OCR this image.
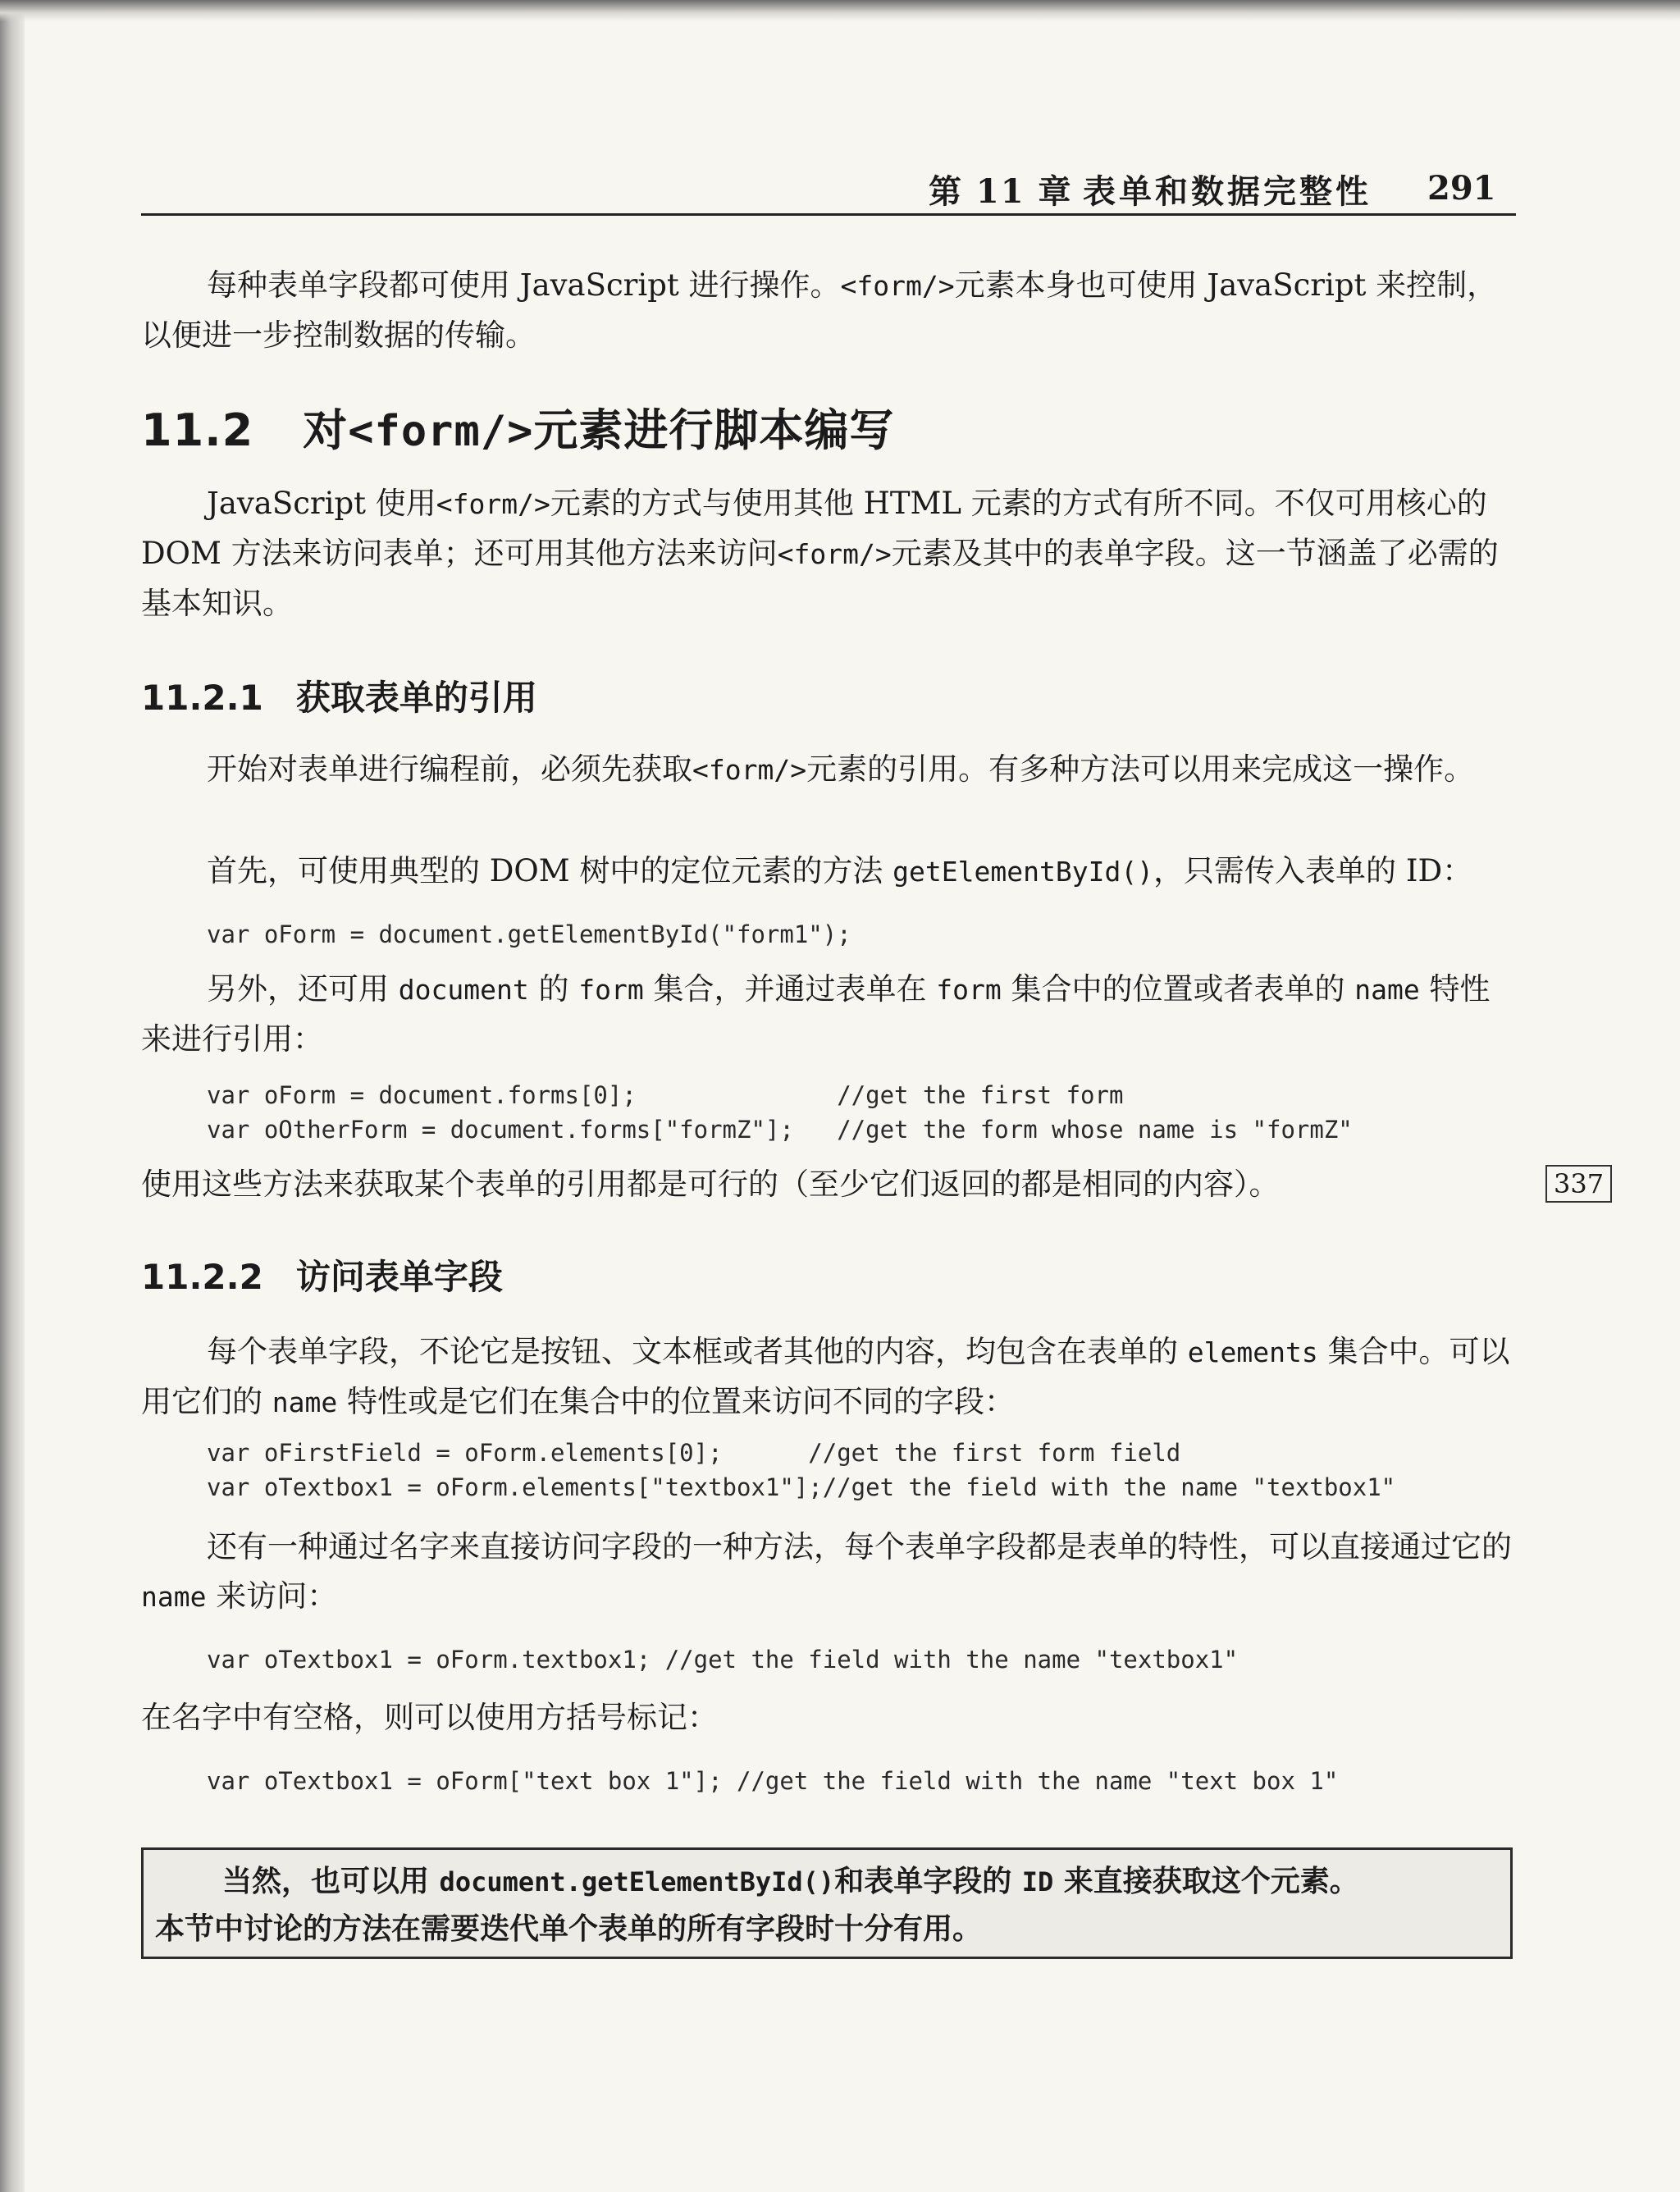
第 11 章 表单和数据完整性 291
每种表单字段都可使用 JavaScript 进行操作。<form/>元素本身也可使用 JavaScript 来控制，以便进一步控制数据的传输。
11.2 对<form/>元素进行脚本编写
JavaScript 使用<form/>元素的方式与使用其他 HTML 元素的方式有所不同。不仅可用核心的 DOM 方法来访问表单；还可用其他方法来访问<form/>元素及其中的表单字段。这一节涵盖了必需的基本知识。
11.2.1 获取表单的引用
开始对表单进行编程前，必须先获取<form/>元素的引用。有多种方法可以用来完成这一操作。
首先，可使用典型的 DOM 树中的定位元素的方法 getElementById()，只需传入表单的 ID：
var oForm = document.getElementById("form1");
另外，还可用 document 的 form 集合，并通过表单在 form 集合中的位置或者表单的 name 特性来进行引用：
var oForm = document.forms[0];              //get the first form
var oOtherForm = document.forms["formZ"];   //get the form whose name is "formZ"
使用这些方法来获取某个表单的引用都是可行的（至少它们返回的都是相同的内容）。	337
11.2.2 访问表单字段
每个表单字段，不论它是按钮、文本框或者其他的内容，均包含在表单的 elements 集合中。可以用它们的 name 特性或是它们在集合中的位置来访问不同的字段：
var oFirstField = oForm.elements[0];      //get the first form field
var oTextbox1 = oForm.elements["textbox1"];//get the field with the name "textbox1"
还有一种通过名字来直接访问字段的一种方法，每个表单字段都是表单的特性，可以直接通过它的 name 来访问：
var oTextbox1 = oForm.textbox1; //get the field with the name "textbox1"
在名字中有空格，则可以使用方括号标记：
var oTextbox1 = oForm["text box 1"]; //get the field with the name "text box 1"
当然，也可以用 document.getElementById()和表单字段的 ID 来直接获取这个元素。
本节中讨论的方法在需要迭代单个表单的所有字段时十分有用。
